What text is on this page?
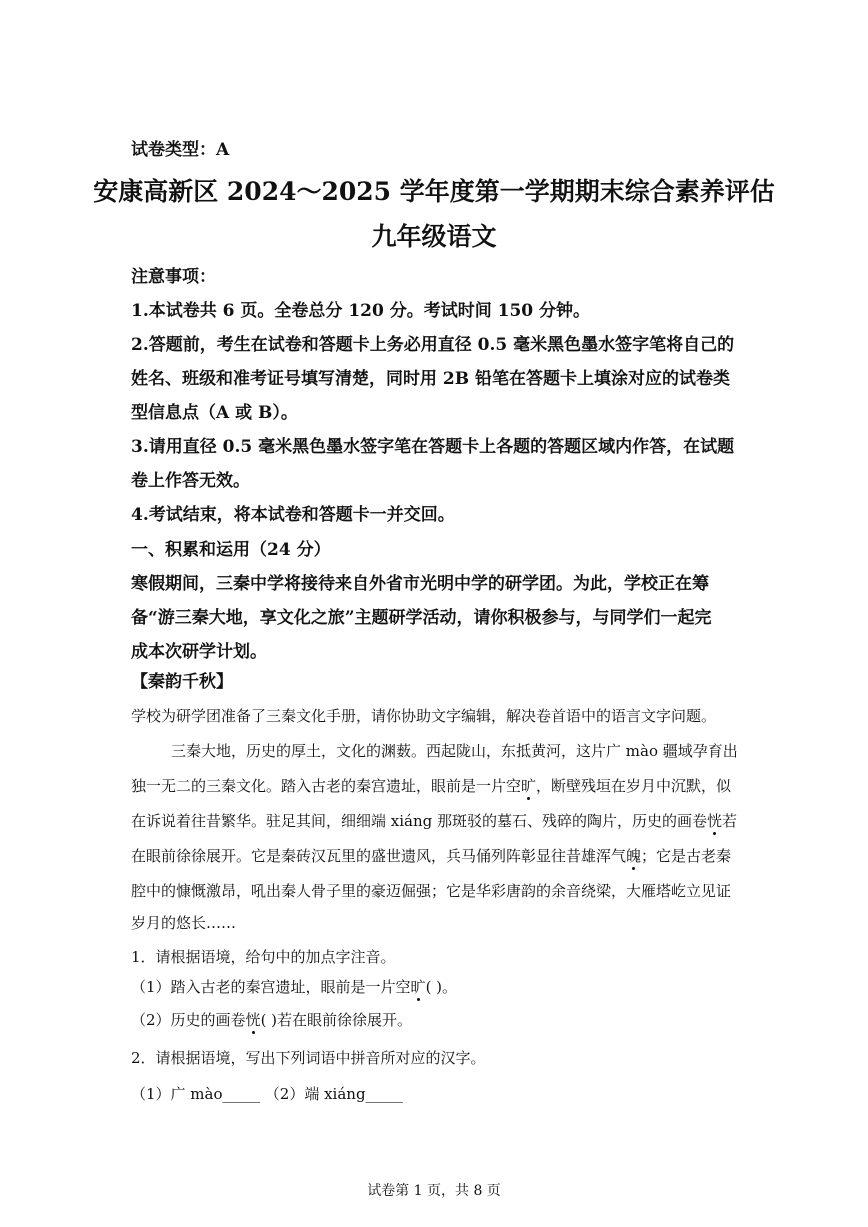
试卷类型：A
安康高新区 2024～2025 学年度第一学期期末综合素养评估
九年级语文
注意事项：
1.本试卷共 6 页。全卷总分 120 分。考试时间 150 分钟。
2.答题前，考生在试卷和答题卡上务必用直径 0.5 毫米黑色墨水签字笔将自己的
姓名、班级和准考证号填写清楚，同时用 2B 铅笔在答题卡上填涂对应的试卷类
型信息点（A 或 B）。
3.请用直径 0.5 毫米黑色墨水签字笔在答题卡上各题的答题区域内作答，在试题
卷上作答无效。
4.考试结束，将本试卷和答题卡一并交回。
一、积累和运用（24 分）
寒假期间，三秦中学将接待来自外省市光明中学的研学团。为此，学校正在筹
备“游三秦大地，享文化之旅”主题研学活动，请你积极参与，与同学们一起完
成本次研学计划。
【秦韵千秋】
学校为研学团准备了三秦文化手册，请你协助文字编辑，解决卷首语中的语言文字问题。
三秦大地，历史的厚土，文化的渊薮。西起陇山，东抵黄河，这片广 mào 疆域孕育出
独一无二的三秦文化。踏入古老的秦宫遗址，眼前是一片空旷，断壁残垣在岁月中沉默，似
在诉说着往昔繁华。驻足其间，细细端 xiáng 那斑驳的墓石、残碎的陶片，历史的画卷恍若
在眼前徐徐展开。它是秦砖汉瓦里的盛世遗风，兵马俑列阵彰显往昔雄浑气魄；它是古老秦
腔中的慷慨激昂，吼出秦人骨子里的豪迈倔强；它是华彩唐韵的余音绕梁，大雁塔屹立见证
岁月的悠长……
1．请根据语境，给句中的加点字注音。
（1）踏入古老的秦宫遗址，眼前是一片空旷( )。
（2）历史的画卷恍( )若在眼前徐徐展开。
2．请根据语境，写出下列词语中拼音所对应的汉字。
（1）广 mào_____ （2）端 xiáng_____
试卷第 1 页，共 8 页
